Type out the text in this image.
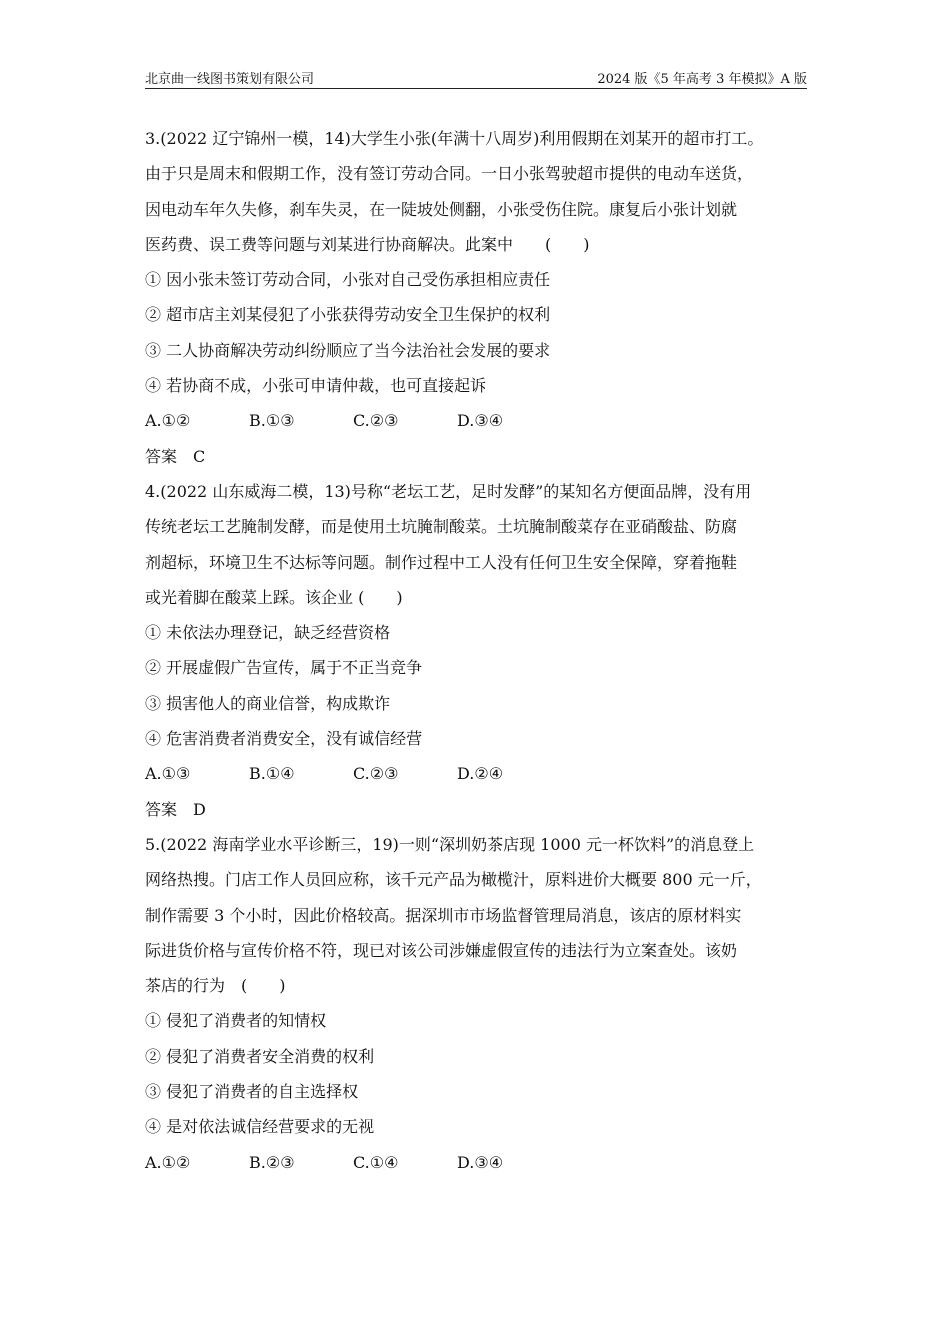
北京曲一线图书策划有限公司	2024 版《5 年高考 3 年模拟》A 版
3.(2022 辽宁锦州一模，14)大学生小张(年满十八周岁)利用假期在刘某开的超市打工。
由于只是周末和假期工作，没有签订劳动合同。一日小张驾驶超市提供的电动车送货，
因电动车年久失修，刹车失灵，在一陡坡处侧翻，小张受伤住院。康复后小张计划就
医药费、误工费等问题与刘某进行协商解决。此案中　　(　　)
① 因小张未签订劳动合同，小张对自己受伤承担相应责任
② 超市店主刘某侵犯了小张获得劳动安全卫生保护的权利
③ 二人协商解决劳动纠纷顺应了当今法治社会发展的要求
④ 若协商不成，小张可申请仲裁，也可直接起诉
A.①②	B.①③	C.②③	D.③④
答案 C
4.(2022 山东威海二模，13)号称“老坛工艺，足时发酵”的某知名方便面品牌，没有用
传统老坛工艺腌制发酵，而是使用土坑腌制酸菜。土坑腌制酸菜存在亚硝酸盐、防腐
剂超标，环境卫生不达标等问题。制作过程中工人没有任何卫生安全保障，穿着拖鞋
或光着脚在酸菜上踩。该企业 (　　)
① 未依法办理登记，缺乏经营资格
② 开展虚假广告宣传，属于不正当竞争
③ 损害他人的商业信誉，构成欺诈
④ 危害消费者消费安全，没有诚信经营
A.①③	B.①④	C.②③	D.②④
答案 D
5.(2022 海南学业水平诊断三，19)一则“深圳奶茶店现 1000 元一杯饮料”的消息登上
网络热搜。门店工作人员回应称，该千元产品为橄榄汁，原料进价大概要 800 元一斤，
制作需要 3 个小时，因此价格较高。据深圳市市场监督管理局消息，该店的原材料实
际进货价格与宣传价格不符，现已对该公司涉嫌虚假宣传的违法行为立案查处。该奶
茶店的行为　(　　)
① 侵犯了消费者的知情权
② 侵犯了消费者安全消费的权利
③ 侵犯了消费者的自主选择权
④ 是对依法诚信经营要求的无视
A.①②	B.②③	C.①④	D.③④
